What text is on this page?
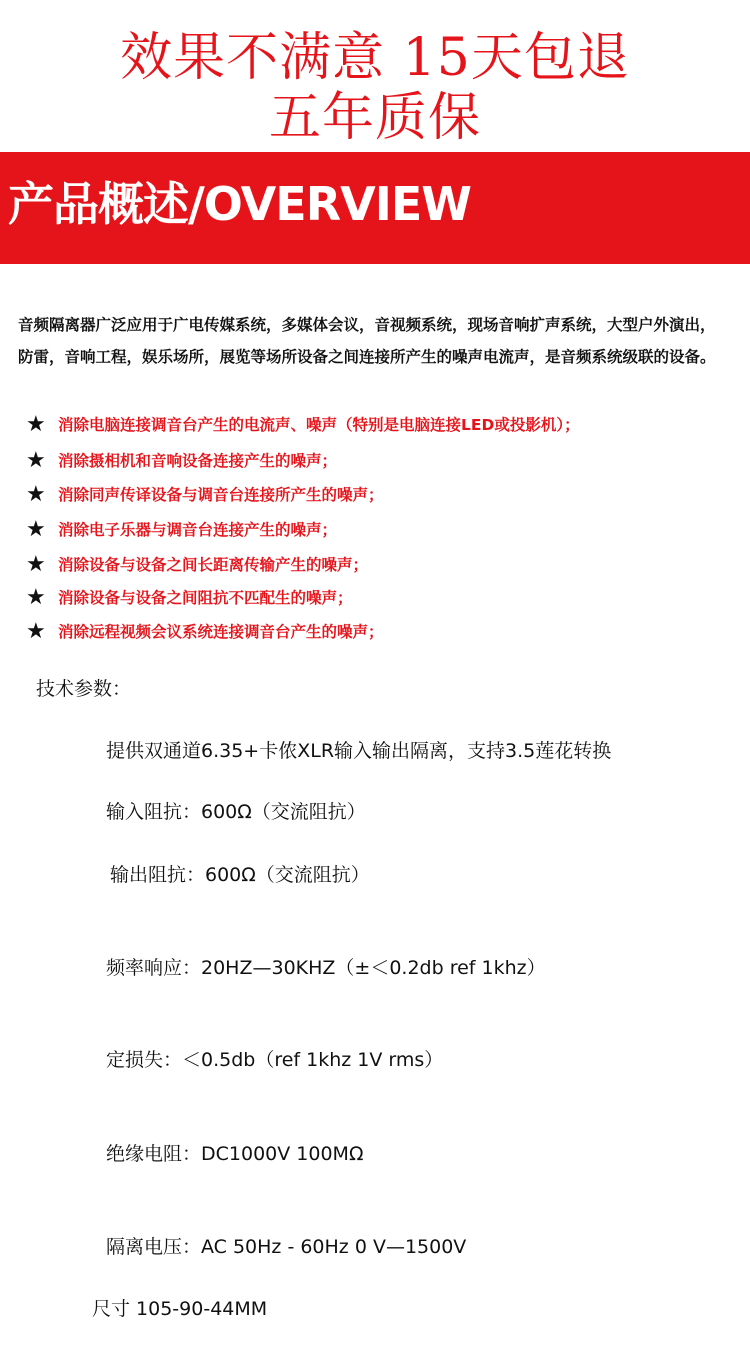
效果不满意 15天包退
五年质保
产品概述/OVERVIEW
音频隔离器广泛应用于广电传媒系统，多媒体会议，音视频系统，现场音响扩声系统，大型户外演出，防雷，音响工程，娱乐场所，展览等场所设备之间连接所产生的噪声电流声，是音频系统级联的设备。
★ 消除电脑连接调音台产生的电流声、噪声（特别是电脑连接LED或投影机）；
★ 消除摄相机和音响设备连接产生的噪声；
★ 消除同声传译设备与调音台连接所产生的噪声；
★ 消除电子乐器与调音台连接产生的噪声；
★ 消除设备与设备之间长距离传输产生的噪声；
★ 消除设备与设备之间阻抗不匹配生的噪声；
★ 消除远程视频会议系统连接调音台产生的噪声；
技术参数：
提供双通道6.35+卡侬XLR输入输出隔离，支持3.5莲花转换
输入阻抗：600Ω（交流阻抗）
输出阻抗：600Ω（交流阻抗）
频率响应：20HZ—30KHZ（±＜0.2db ref 1khz）
定损失：＜0.5db（ref 1khz 1V rms）
绝缘电阻：DC1000V 100MΩ
隔离电压：AC 50Hz - 60Hz 0 V—1500V
尺寸 105-90-44MM
